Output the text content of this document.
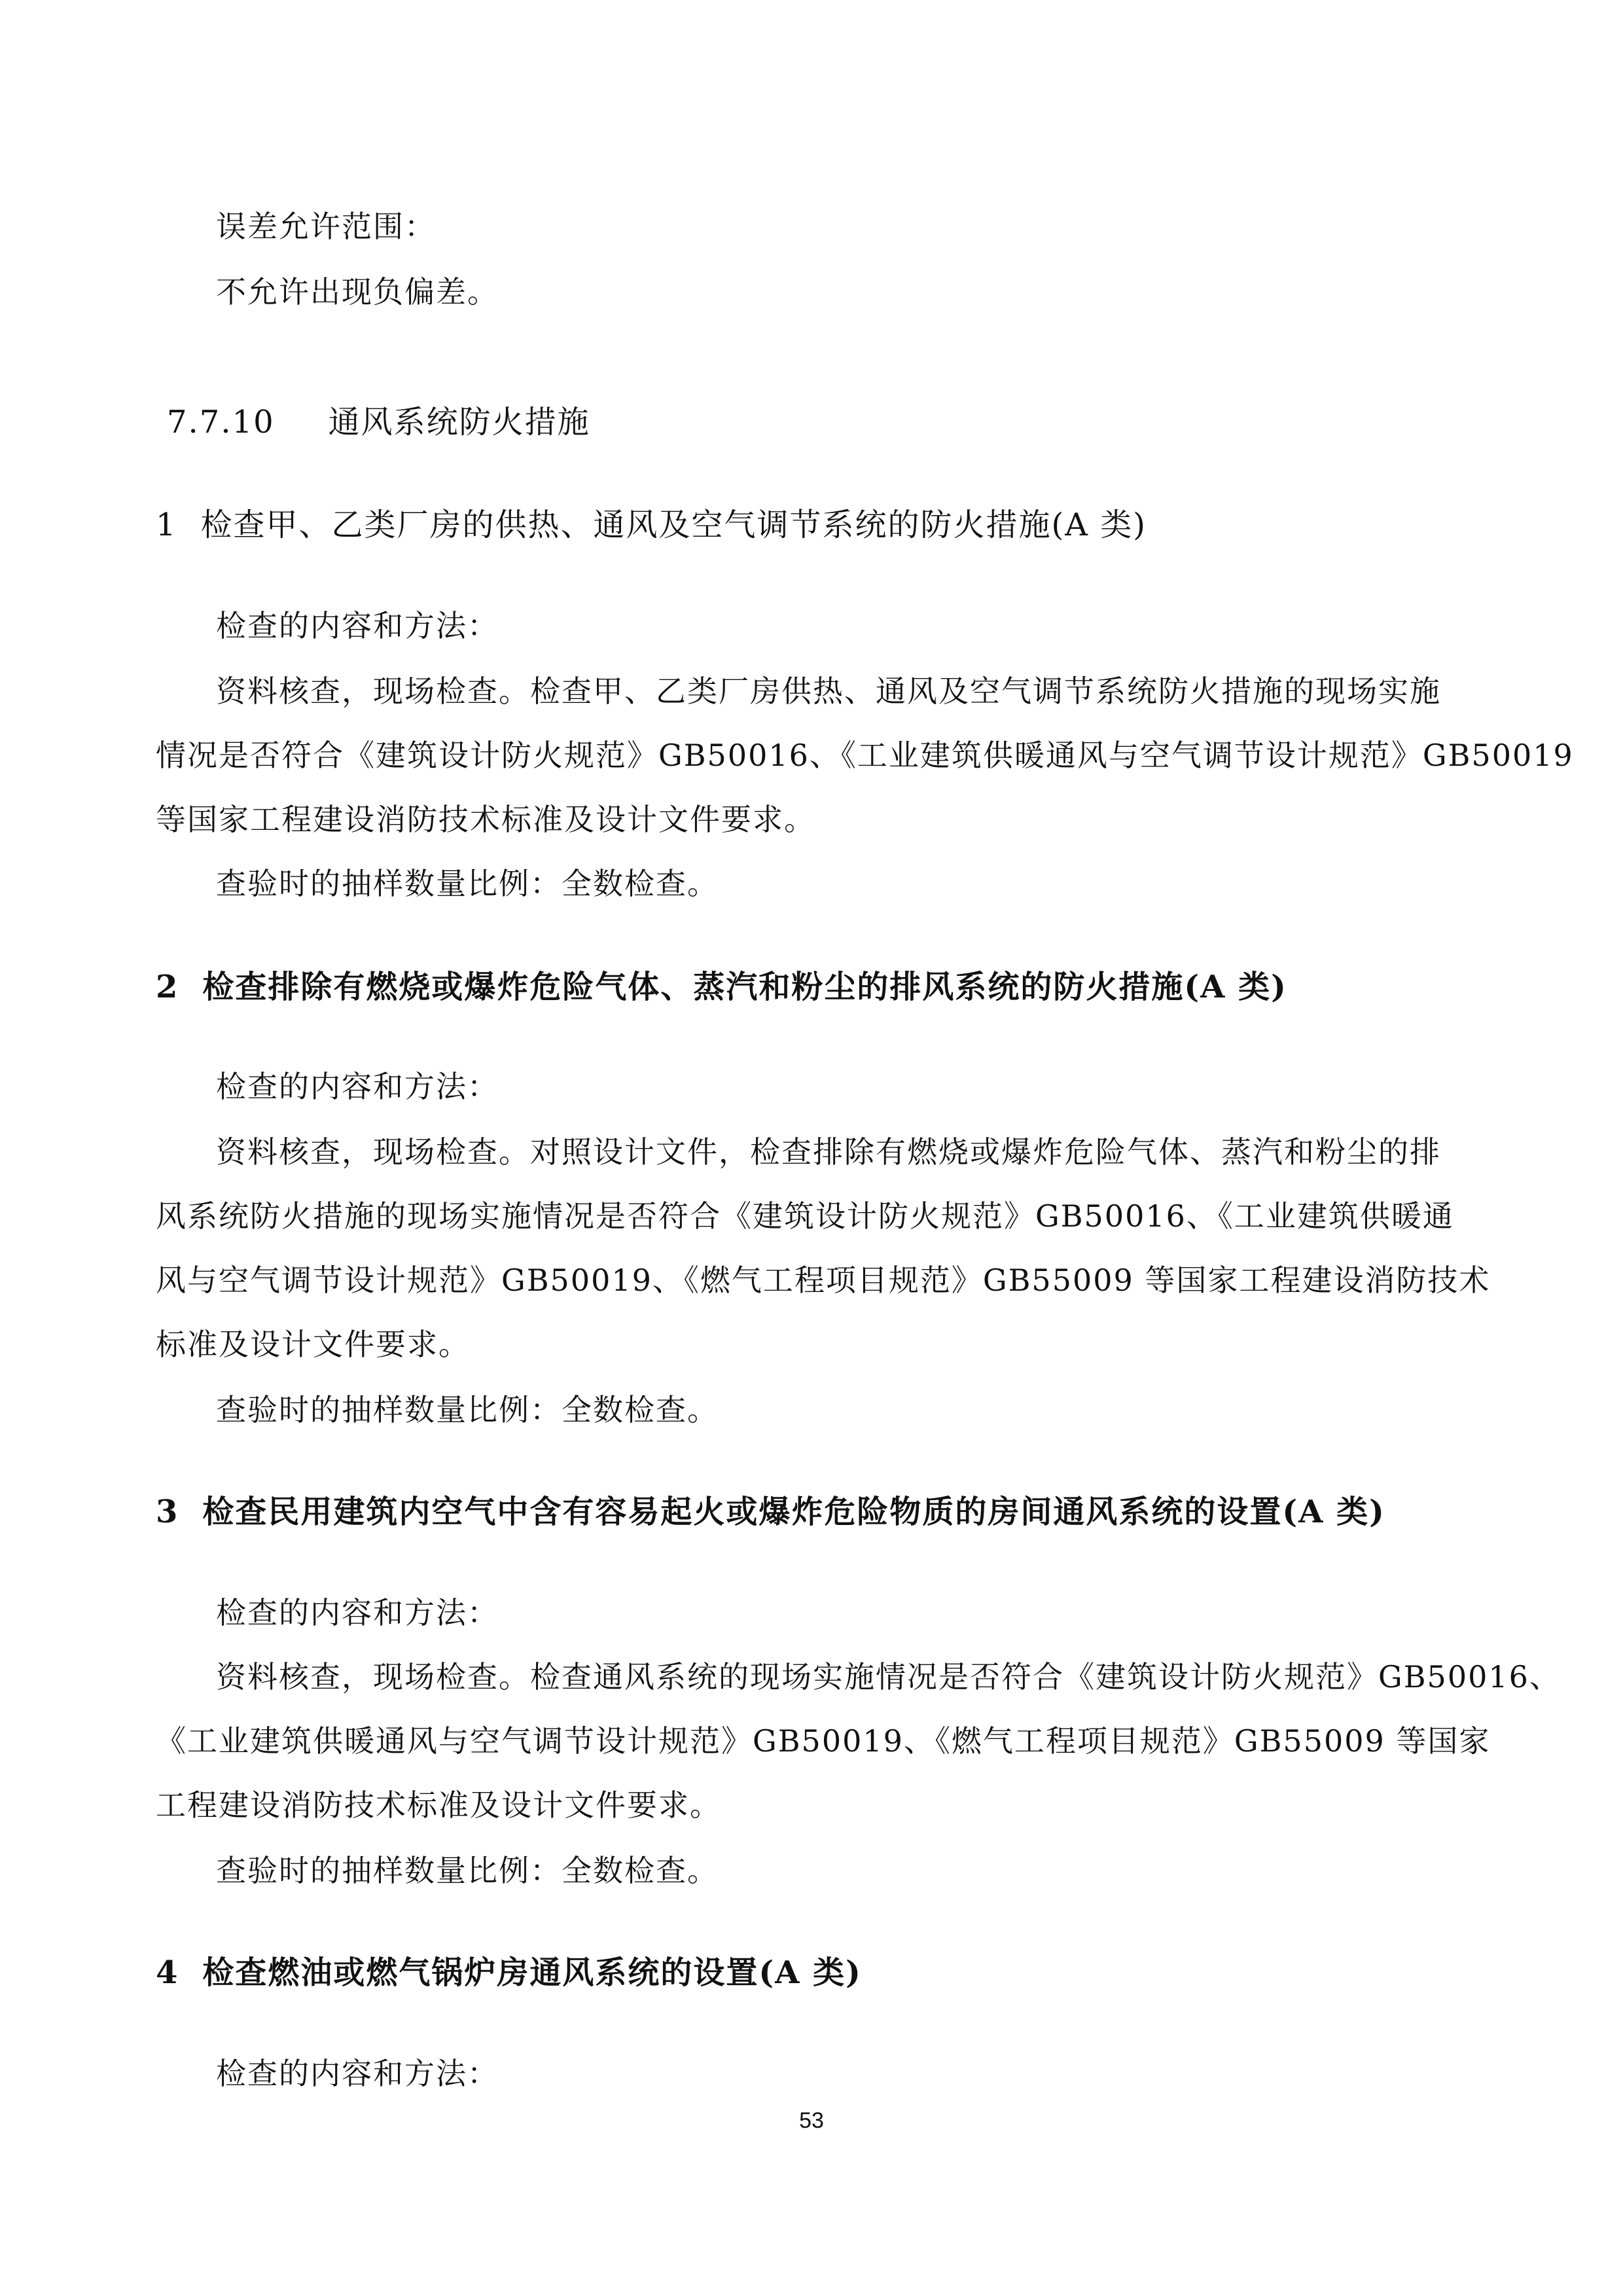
误差允许范围：
不允许出现负偏差。
7.7.10 通风系统防火措施
1 检查甲、乙类厂房的供热、通风及空气调节系统的防火措施(A 类)
检查的内容和方法：
资料核查，现场检查。检查甲、乙类厂房供热、通风及空气调节系统防火措施的现场实施
情况是否符合《建筑设计防火规范》GB50016、《工业建筑供暖通风与空气调节设计规范》GB50019
等国家工程建设消防技术标准及设计文件要求。
查验时的抽样数量比例：全数检查。
2 检查排除有燃烧或爆炸危险气体、蒸汽和粉尘的排风系统的防火措施(A 类)
检查的内容和方法：
资料核查，现场检查。对照设计文件，检查排除有燃烧或爆炸危险气体、蒸汽和粉尘的排
风系统防火措施的现场实施情况是否符合《建筑设计防火规范》GB50016、《工业建筑供暖通
风与空气调节设计规范》GB50019、《燃气工程项目规范》GB55009 等国家工程建设消防技术
标准及设计文件要求。
查验时的抽样数量比例：全数检查。
3 检查民用建筑内空气中含有容易起火或爆炸危险物质的房间通风系统的设置(A 类)
检查的内容和方法：
资料核查，现场检查。检查通风系统的现场实施情况是否符合《建筑设计防火规范》GB50016、
《工业建筑供暖通风与空气调节设计规范》GB50019、《燃气工程项目规范》GB55009 等国家
工程建设消防技术标准及设计文件要求。
查验时的抽样数量比例：全数检查。
4 检查燃油或燃气锅炉房通风系统的设置(A 类)
检查的内容和方法：
53
